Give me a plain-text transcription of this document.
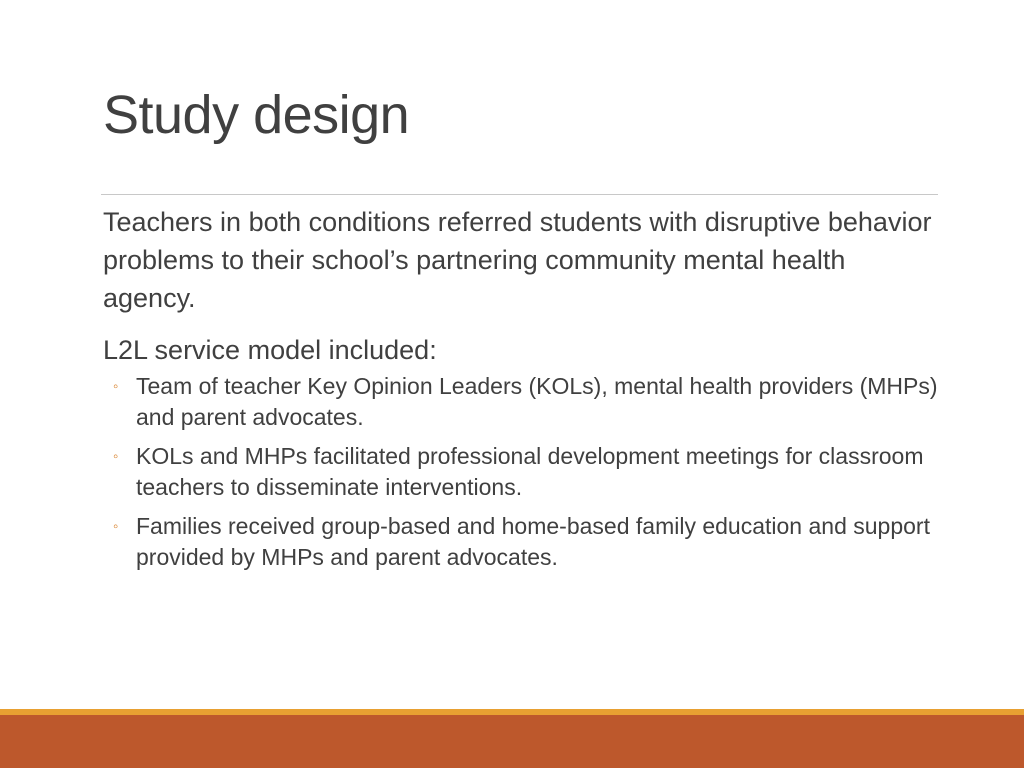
Study design

Teachers in both conditions referred students with disruptive behavior problems to their school’s partnering community mental health agency.

L2L service model included:

◦ Team of teacher Key Opinion Leaders (KOLs), mental health providers (MHPs) and parent advocates.
◦ KOLs and MHPs facilitated professional development meetings for classroom teachers to disseminate interventions.
◦ Families received group-based and home-based family education and support provided by MHPs and parent advocates.
